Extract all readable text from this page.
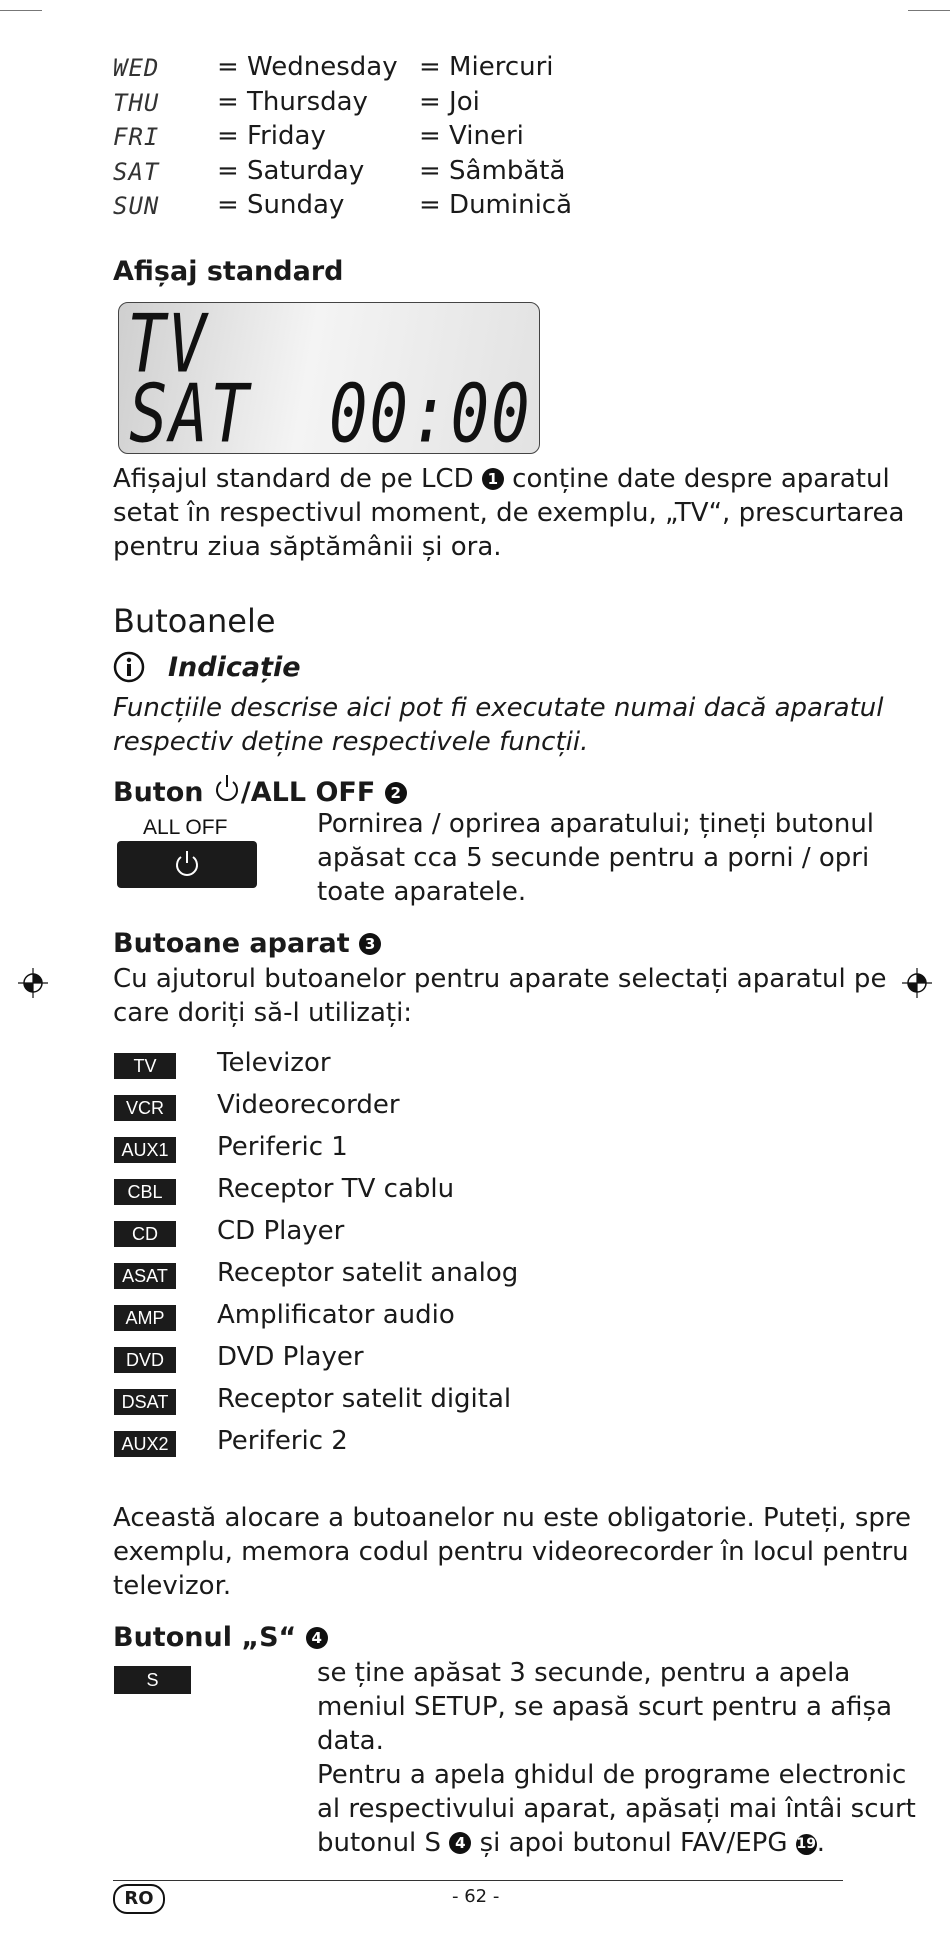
WED = Wednesday = Miercuri
THU = Thursday = Joi
FRI = Friday	= Vineri
SAT = Saturday = Sâmbătă
SUN = Sunday	= Duminică
Afișaj standard
TV
SAT 00:00
Afișajul standard de pe LCD 1 conține date despre aparatul
setat în respectivul moment, de exemplu, „TV“, prescurtarea
pentru ziua săptămânii și ora.
Butoanele
Indicație
Funcțiile descrise aici pot fi executate numai dacă aparatul
respectiv deține respectivele funcții.
Buton /ALL OFF 2
ALL OFF	Pornirea / oprirea aparatului; țineți butonul
apăsat cca 5 secunde pentru a porni / opri
toate aparatele.
Butoane aparat 3
Cu ajutorul butoanelor pentru aparate selectați aparatul pe
care doriți să-l utilizați:
TV	Televizor
VCR	Videorecorder
AUX1 Periferic 1
CBL	Receptor TV cablu
CD	CD Player
ASAT	Receptor satelit analog
AMP	Amplificator audio
DVD	DVD Player
DSAT Receptor satelit digital
AUX2 Periferic 2
Această alocare a butoanelor nu este obligatorie. Puteți, spre
exemplu, memora codul pentru videorecorder în locul pentru
televizor.
Butonul „S“ 4
S	se ține apăsat 3 secunde, pentru a apela
meniul SETUP, se apasă scurt pentru a afișa
data.
Pentru a apela ghidul de programe electronic
al respectivului aparat, apăsați mai întâi scurt
butonul S 4 și apoi butonul FAV/EPG 19.
RO	- 62 -
